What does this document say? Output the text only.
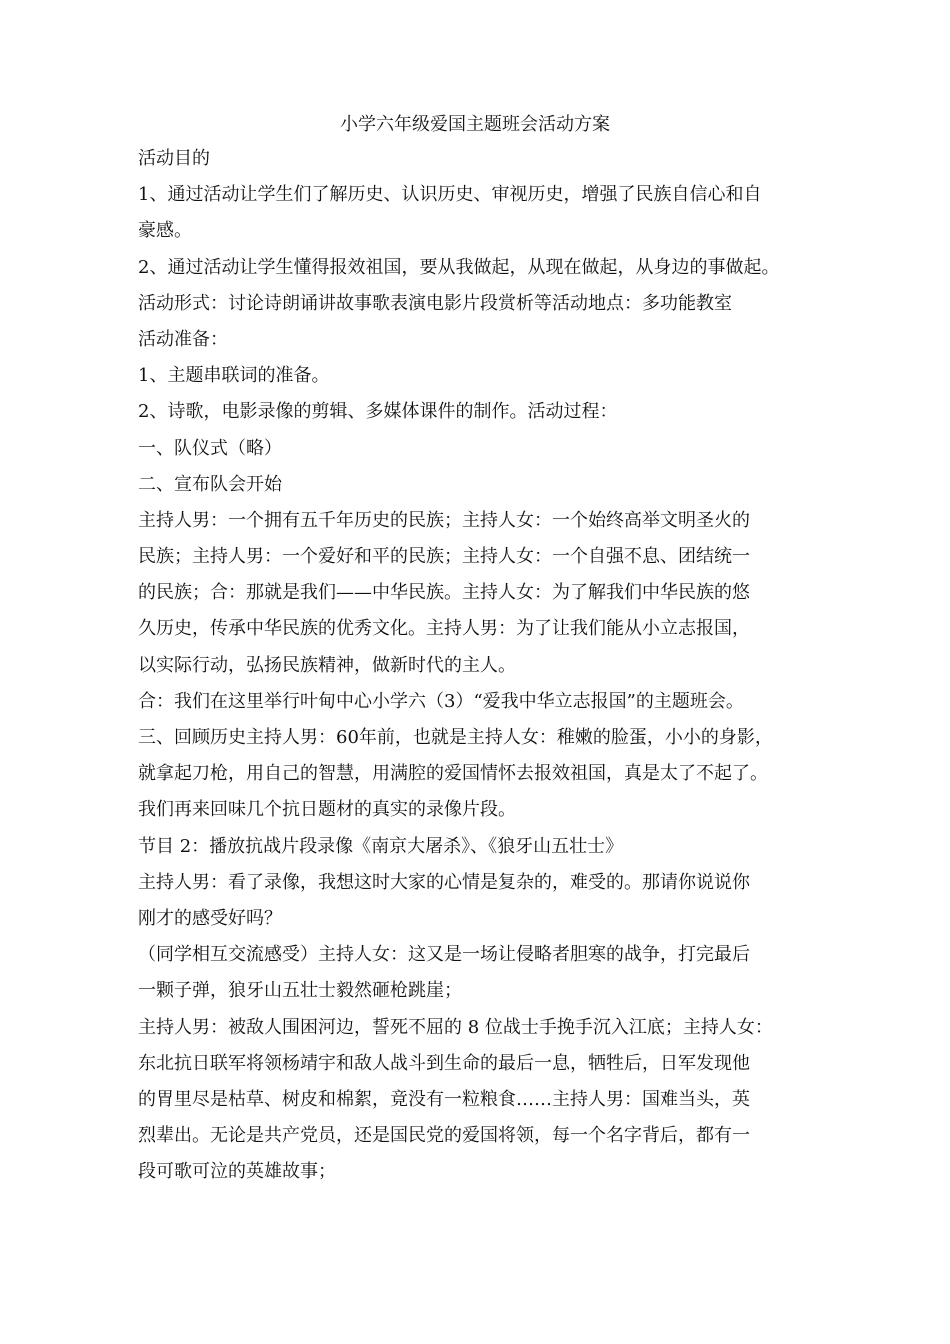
小学六年级爱国主题班会活动方案
活动目的
1、通过活动让学生们了解历史、认识历史、审视历史，增强了民族自信心和自
豪感。
2、通过活动让学生懂得报效祖国，要从我做起，从现在做起，从身边的事做起。
活动形式：讨论诗朗诵讲故事歌表演电影片段赏析等活动地点：多功能教室
活动准备：
1、主题串联词的准备。
2、诗歌，电影录像的剪辑、多媒体课件的制作。活动过程：
一、队仪式（略）
二、宣布队会开始
主持人男：一个拥有五千年历史的民族；主持人女：一个始终高举文明圣火的
民族；主持人男：一个爱好和平的民族；主持人女：一个自强不息、团结统一
的民族；合：那就是我们——中华民族。主持人女：为了解我们中华民族的悠
久历史，传承中华民族的优秀文化。主持人男：为了让我们能从小立志报国，
以实际行动，弘扬民族精神，做新时代的主人。
合：我们在这里举行叶甸中心小学六（3）“爱我中华立志报国”的主题班会。
三、回顾历史主持人男：60年前，也就是主持人女：稚嫩的脸蛋，小小的身影，
就拿起刀枪，用自己的智慧，用满腔的爱国情怀去报效祖国，真是太了不起了。
我们再来回味几个抗日题材的真实的录像片段。
节目 2：播放抗战片段录像《南京大屠杀》、《狼牙山五壮士》
主持人男：看了录像，我想这时大家的心情是复杂的，难受的。那请你说说你
刚才的感受好吗？
（同学相互交流感受）主持人女：这又是一场让侵略者胆寒的战争，打完最后
一颗子弹，狼牙山五壮士毅然砸枪跳崖；
主持人男：被敌人围困河边，誓死不屈的 8 位战士手挽手沉入江底；主持人女：
东北抗日联军将领杨靖宇和敌人战斗到生命的最后一息，牺牲后，日军发现他
的胃里尽是枯草、树皮和棉絮，竟没有一粒粮食……主持人男：国难当头，英
烈辈出。无论是共产党员，还是国民党的爱国将领，每一个名字背后，都有一
段可歌可泣的英雄故事；
